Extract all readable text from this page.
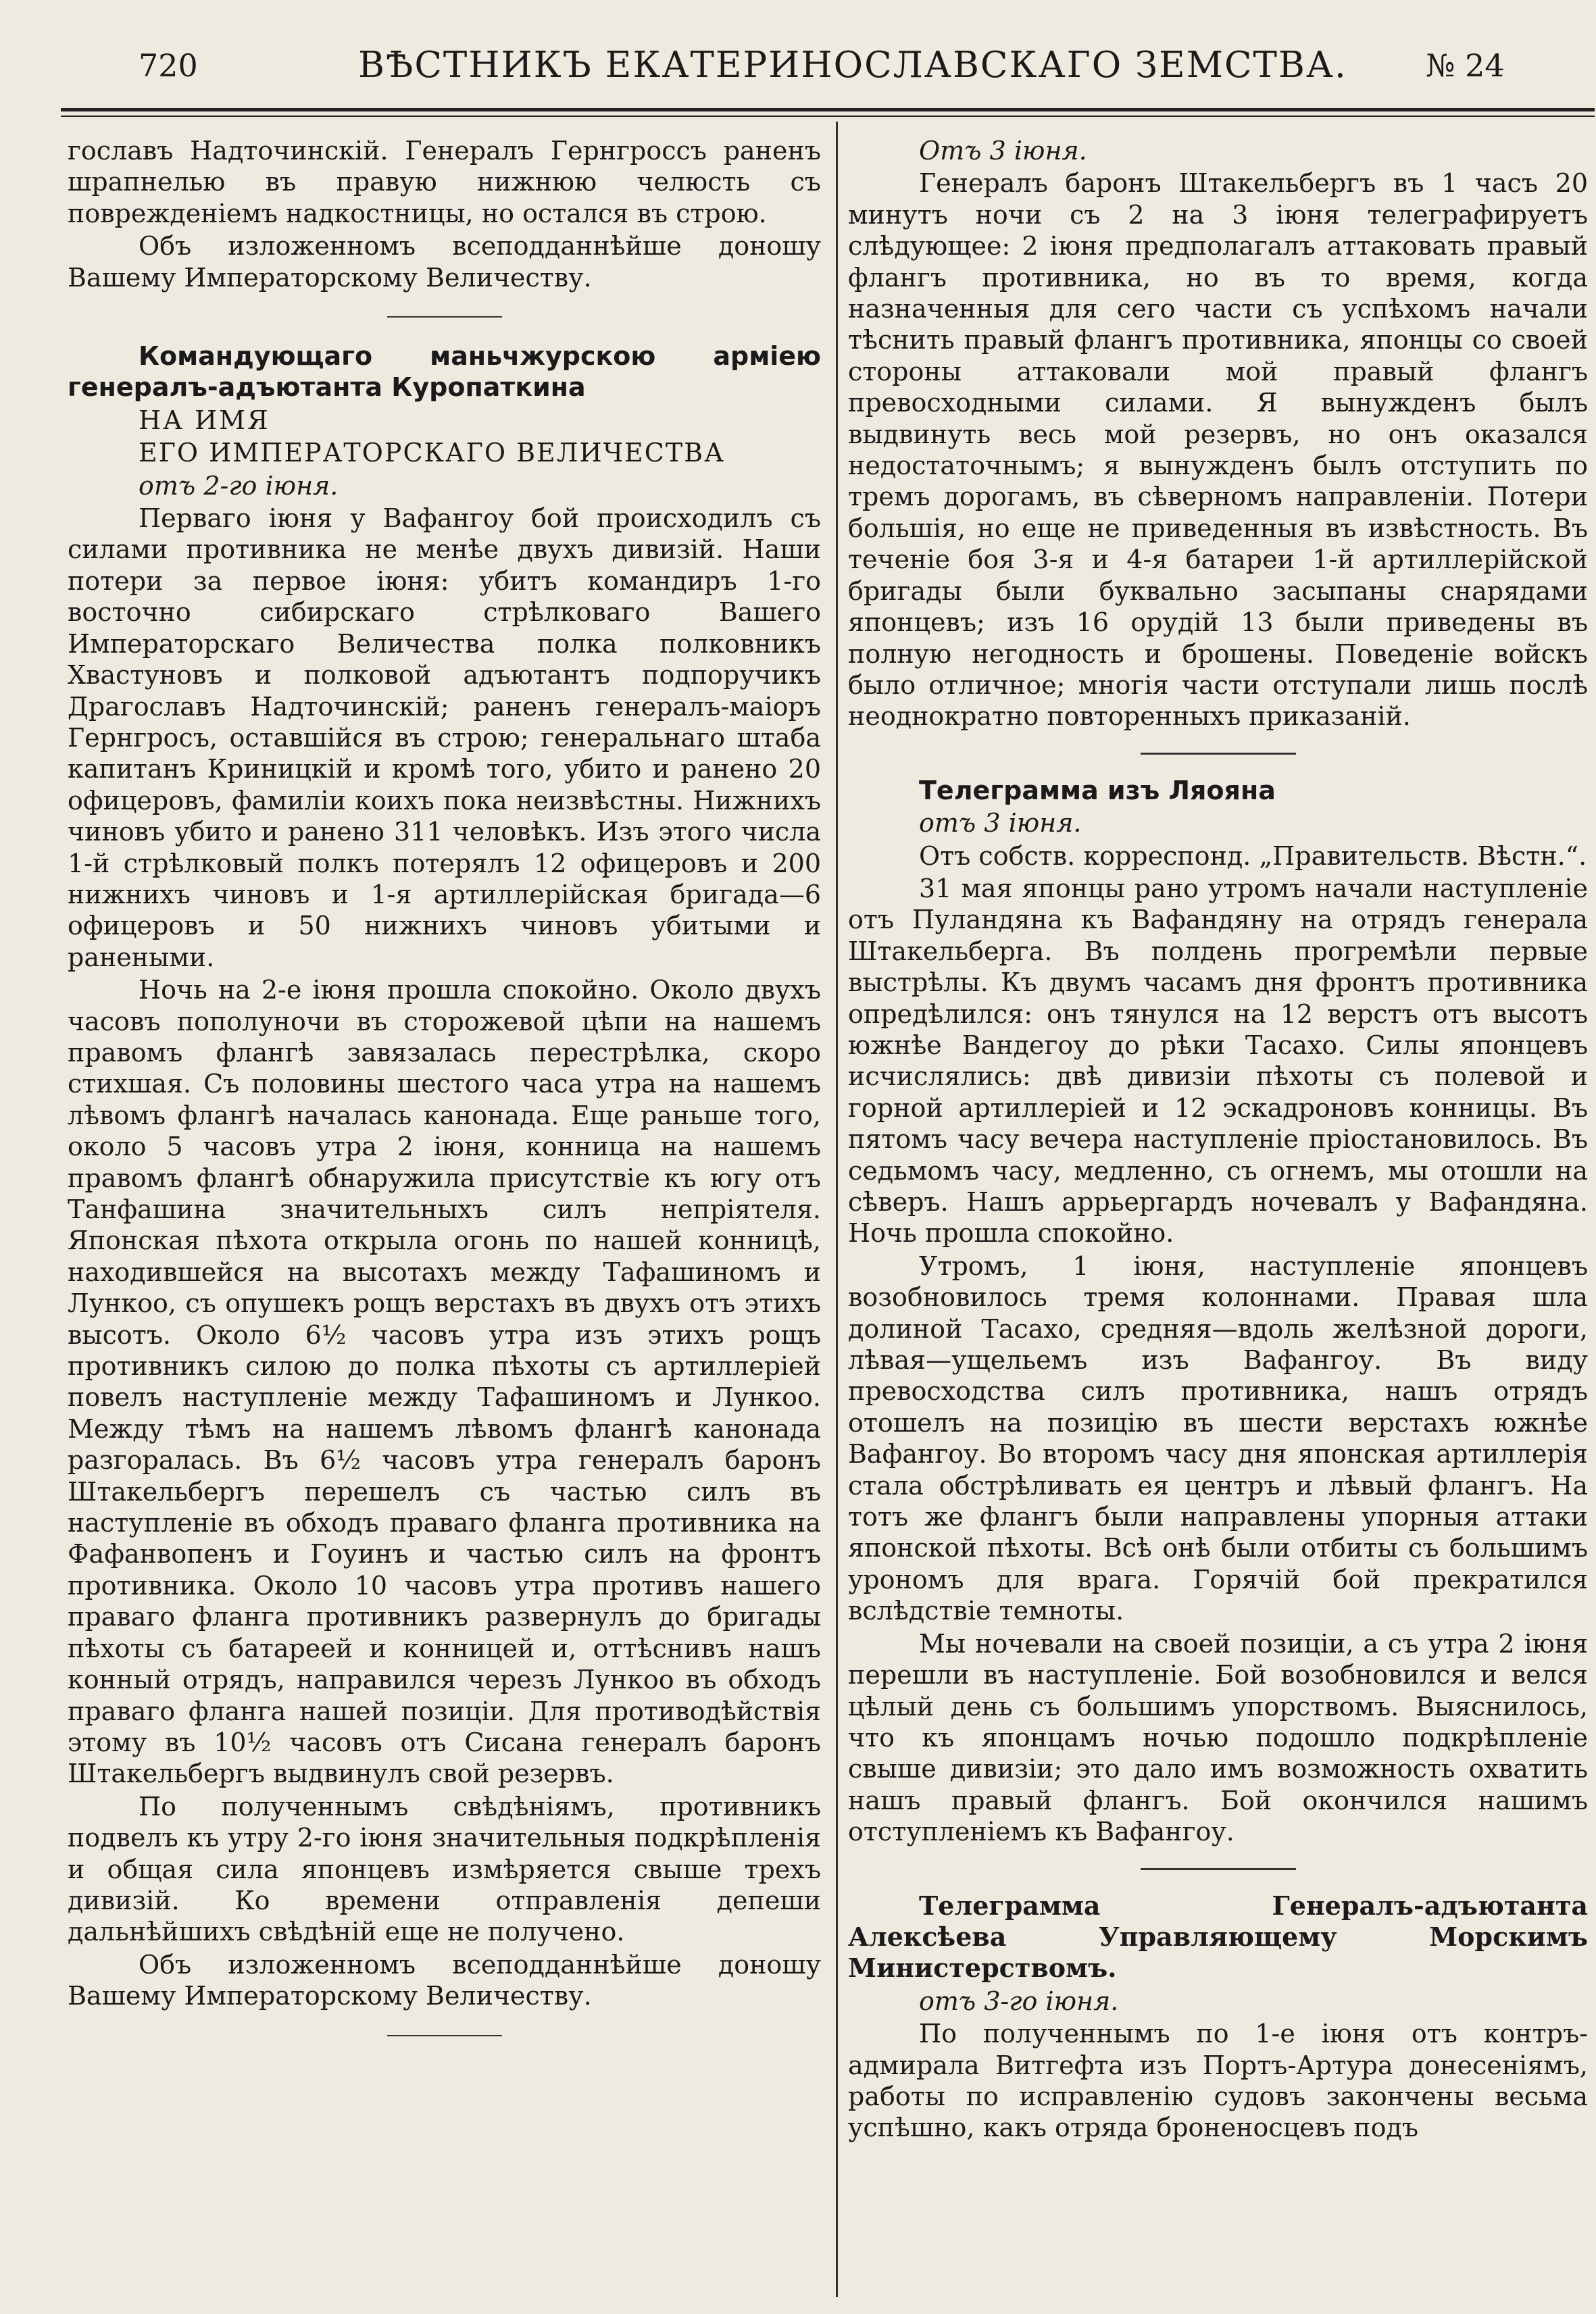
720	ВѢСТНИКЪ ЕКАТЕРИНОСЛАВСКАГО ЗЕМСТВА.	№ 24

гославъ Надточинскій. Генералъ Гернгроссъ раненъ шрапнелью въ правую нижнюю челюсть съ поврежденіемъ надкостницы, но остался въ строю.

Объ изложенномъ всеподданнѣйше доношу Вашему Императорскому Величеству.

Командующаго маньчжурскою арміею генералъ-адъютанта Куропаткина

НА ИМЯ

ЕГО ИМПЕРАТОРСКАГО ВЕЛИЧЕСТВА

отъ 2-го іюня.

Перваго іюня у Вафангоу бой происходилъ съ силами противника не менѣе двухъ дивизій. Наши потери за первое іюня: убитъ командиръ 1-го восточно сибирскаго стрѣлковаго Вашего Императорскаго Величества полка полковникъ Хвастуновъ и полковой адъютантъ подпоручикъ Драгославъ Надточинскій; раненъ генералъ-маіоръ Гернгросъ, оставшійся въ строю; генеральнаго штаба капитанъ Криницкій и кромѣ того, убито и ранено 20 офицеровъ, фамиліи коихъ пока неизвѣстны. Нижнихъ чиновъ убито и ранено 311 человѣкъ. Изъ этого числа 1-й стрѣлковый полкъ потерялъ 12 офицеровъ и 200 нижнихъ чиновъ и 1-я артиллерійская бригада—6 офицеровъ и 50 нижнихъ чиновъ убитыми и ранеными.

Ночь на 2-е іюня прошла спокойно. Около двухъ часовъ пополуночи въ сторожевой цѣпи на нашемъ правомъ флангѣ завязалась перестрѣлка, скоро стихшая. Съ половины шестого часа утра на нашемъ лѣвомъ флангѣ началась канонада. Еще раньше того, около 5 часовъ утра 2 іюня, конница на нашемъ правомъ флангѣ обнаружила присутствіе къ югу отъ Танфашина значительныхъ силъ непріятеля. Японская пѣхота открыла огонь по нашей конницѣ, находившейся на высотахъ между Тафашиномъ и Лункоо, съ опушекъ рощъ верстахъ въ двухъ отъ этихъ высотъ. Около 6½ часовъ утра изъ этихъ рощъ противникъ силою до полка пѣхоты съ артиллеріей повелъ наступленіе между Тафашиномъ и Лункоо. Между тѣмъ на нашемъ лѣвомъ флангѣ канонада разгоралась. Въ 6½ часовъ утра генералъ баронъ Штакельбергъ перешелъ съ частью силъ въ наступленіе въ обходъ праваго фланга противника на Фафанвопенъ и Гоуинъ и частью силъ на фронтъ противника. Около 10 часовъ утра противъ нашего праваго фланга противникъ развернулъ до бригады пѣхоты съ батареей и конницей и, оттѣснивъ нашъ конный отрядъ, направился черезъ Лункоо въ обходъ праваго фланга нашей позиціи. Для противодѣйствія этому въ 10½ часовъ отъ Сисана генералъ баронъ Штакельбергъ выдвинулъ свой резервъ.

По полученнымъ свѣдѣніямъ, противникъ подвелъ къ утру 2-го іюня значительныя подкрѣпленія и общая сила японцевъ измѣряется свыше трехъ дивизій. Ко времени отправленія депеши дальнѣйшихъ свѣдѣній еще не получено.

Объ изложенномъ всеподданнѣйше доношу Вашему Императорскому Величеству.

Отъ 3 іюня.

Генералъ баронъ Штакельбергъ въ 1 часъ 20 минутъ ночи съ 2 на 3 іюня телеграфируетъ слѣдующее: 2 іюня предполагалъ аттаковать правый флангъ противника, но въ то время, когда назначенныя для сего части съ успѣхомъ начали тѣснить правый флангъ противника, японцы со своей стороны аттаковали мой правый флангъ превосходными силами. Я вынужденъ былъ выдвинуть весь мой резервъ, но онъ оказался недостаточнымъ; я вынужденъ былъ отступить по тремъ дорогамъ, въ сѣверномъ направленіи. Потери большія, но еще не приведенныя въ извѣстность. Въ теченіе боя 3-я и 4-я батареи 1-й артиллерійской бригады были буквально засыпаны снарядами японцевъ; изъ 16 орудій 13 были приведены въ полную негодность и брошены. Поведеніе войскъ было отличное; многія части отступали лишь послѣ неоднократно повторенныхъ приказаній.

Телеграмма изъ Ляояна

отъ 3 іюня.

Отъ собств. корреспонд. „Правительств. Вѣстн.“.

31 мая японцы рано утромъ начали наступленіе отъ Пуландяна къ Вафандяну на отрядъ генерала Штакельберга. Въ полдень прогремѣли первые выстрѣлы. Къ двумъ часамъ дня фронтъ противника опредѣлился: онъ тянулся на 12 верстъ отъ высотъ южнѣе Вандегоу до рѣки Тасахо. Силы японцевъ исчислялись: двѣ дивизіи пѣхоты съ полевой и горной артиллеріей и 12 эскадроновъ конницы. Въ пятомъ часу вечера наступленіе пріостановилось. Въ седьмомъ часу, медленно, съ огнемъ, мы отошли на сѣверъ. Нашъ аррьергардъ ночевалъ у Вафандяна. Ночь прошла спокойно.

Утромъ, 1 іюня, наступленіе японцевъ возобновилось тремя колоннами. Правая шла долиной Тасахо, средняя—вдоль желѣзной дороги, лѣвая—ущельемъ изъ Вафангоу. Въ виду превосходства силъ противника, нашъ отрядъ отошелъ на позицію въ шести верстахъ южнѣе Вафангоу. Во второмъ часу дня японская артиллерія стала обстрѣливать ея центръ и лѣвый флангъ. На тотъ же флангъ были направлены упорныя аттаки японской пѣхоты. Всѣ онѣ были отбиты съ большимъ урономъ для врага. Горячій бой прекратился вслѣдствіе темноты.

Мы ночевали на своей позиціи, а съ утра 2 іюня перешли въ наступленіе. Бой возобновился и велся цѣлый день съ большимъ упорствомъ. Выяснилось, что къ японцамъ ночью подошло подкрѣпленіе свыше дивизіи; это дало имъ возможность охватить нашъ правый флангъ. Бой окончился нашимъ отступленіемъ къ Вафангоу.

Телеграмма Генералъ-адъютанта Алексѣева Управляющему Морскимъ Министерствомъ.

отъ 3-го іюня.

По полученнымъ по 1-е іюня отъ контръ-адмирала Витгефта изъ Портъ-Артура донесеніямъ, работы по исправленію судовъ закончены весьма успѣшно, какъ отряда броненосцевъ подъ
